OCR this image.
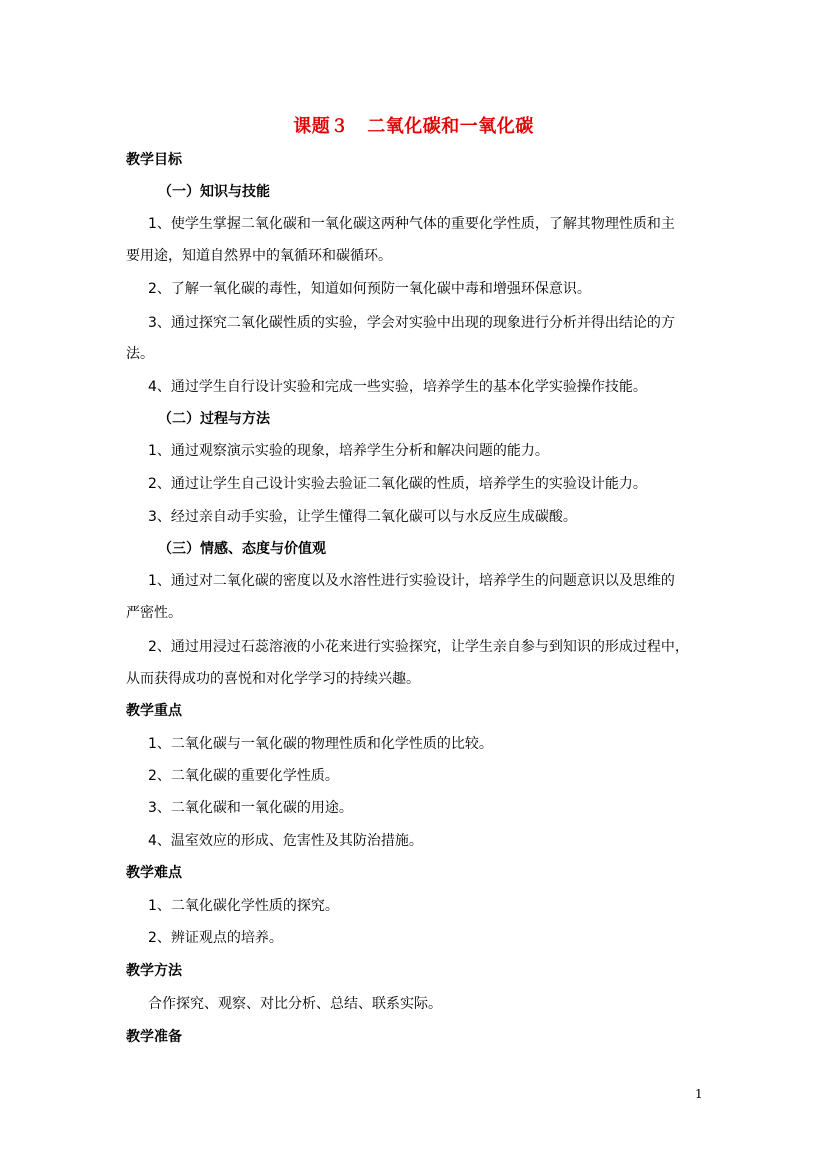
课题３　二氧化碳和一氧化碳
教学目标
（一）知识与技能
1、使学生掌握二氧化碳和一氧化碳这两种气体的重要化学性质，了解其物理性质和主
要用途，知道自然界中的氧循环和碳循环。
2、了解一氧化碳的毒性，知道如何预防一氧化碳中毒和增强环保意识。
3、通过探究二氧化碳性质的实验，学会对实验中出现的现象进行分析并得出结论的方
法。
4、通过学生自行设计实验和完成一些实验，培养学生的基本化学实验操作技能。
（二）过程与方法
1、通过观察演示实验的现象，培养学生分析和解决问题的能力。
2、通过让学生自己设计实验去验证二氧化碳的性质，培养学生的实验设计能力。
3、经过亲自动手实验，让学生懂得二氧化碳可以与水反应生成碳酸。
（三）情感、态度与价值观
1、通过对二氧化碳的密度以及水溶性进行实验设计，培养学生的问题意识以及思维的
严密性。
2、通过用浸过石蕊溶液的小花来进行实验探究，让学生亲自参与到知识的形成过程中，
从而获得成功的喜悦和对化学学习的持续兴趣。
教学重点
1、二氧化碳与一氧化碳的物理性质和化学性质的比较。
2、二氧化碳的重要化学性质。
3、二氧化碳和一氧化碳的用途。
4、温室效应的形成、危害性及其防治措施。
教学难点
1、二氧化碳化学性质的探究。
2、辨证观点的培养。
教学方法
合作探究、观察、对比分析、总结、联系实际。
教学准备
1
